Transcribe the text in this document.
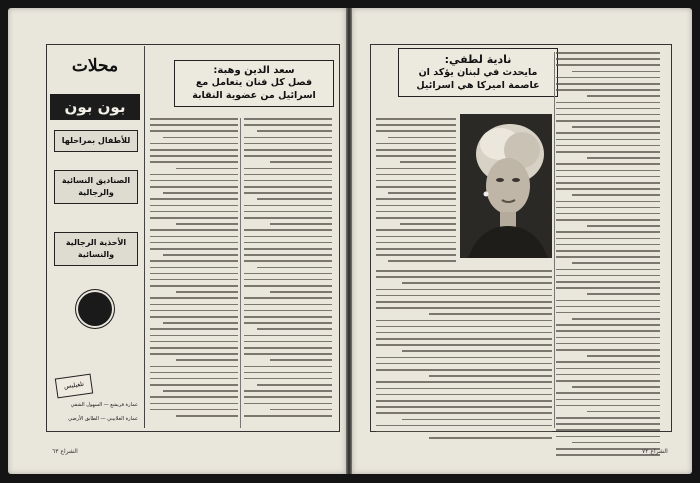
محلات
بون بون
للأطفال بمراحلها
الصناديق النسائية والرجالية
الأحذية الرجالية والنسائية
تلفيليس
عمارة فريشع — السهول الشفي
عمارة الغلاييني — الطابق الأرضي
سعد الدين وهبة:
فصل كل فنان يتعامل مع اسرائيل من عضوية النقابة
الشراع ٦٣
نادية لطفي:
مايحدث في لبنان يؤكد ان عاصمة اميركا هي اسرائيل
الشراع ٧٢
